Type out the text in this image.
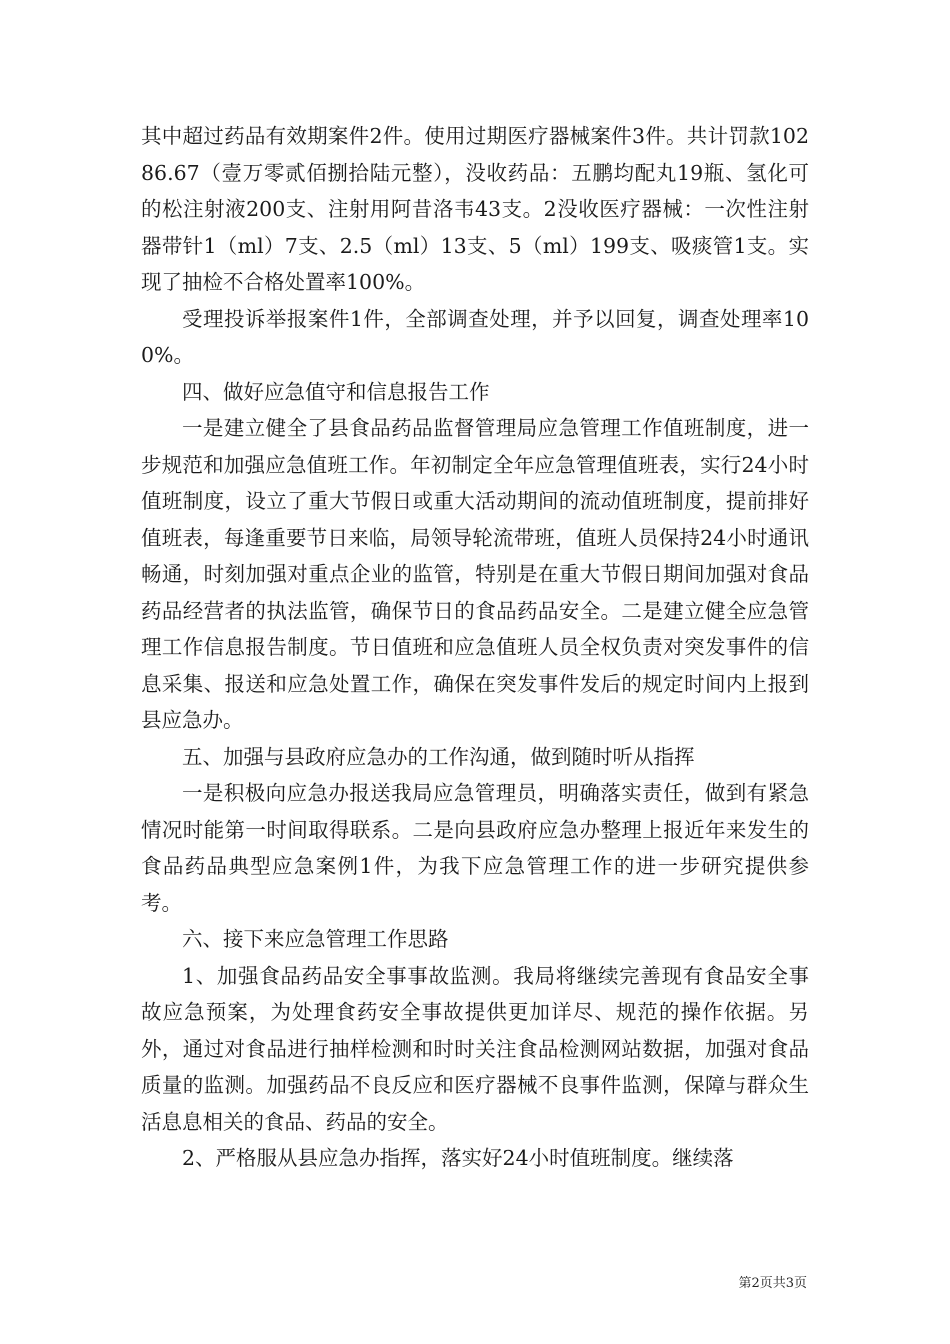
其中超过药品有效期案件2件。使用过期医疗器械案件3件。共计罚款10286.67（壹万零贰佰捌拾陆元整），没收药品：五鹏均配丸19瓶、氢化可的松注射液200支、注射用阿昔洛韦43支。2没收医疗器械：一次性注射器带针1（ml）7支、2.5（ml）13支、5（ml）199支、吸痰管1支。实现了抽检不合格处置率100%。

受理投诉举报案件1件，全部调查处理，并予以回复，调查处理率100%。

四、做好应急值守和信息报告工作

一是建立健全了县食品药品监督管理局应急管理工作值班制度，进一步规范和加强应急值班工作。年初制定全年应急管理值班表，实行24小时值班制度，设立了重大节假日或重大活动期间的流动值班制度，提前排好值班表，每逢重要节日来临，局领导轮流带班，值班人员保持24小时通讯畅通，时刻加强对重点企业的监管，特别是在重大节假日期间加强对食品药品经营者的执法监管，确保节日的食品药品安全。二是建立健全应急管理工作信息报告制度。节日值班和应急值班人员全权负责对突发事件的信息采集、报送和应急处置工作，确保在突发事件发后的规定时间内上报到县应急办。

五、加强与县政府应急办的工作沟通，做到随时听从指挥

一是积极向应急办报送我局应急管理员，明确落实责任，做到有紧急情况时能第一时间取得联系。二是向县政府应急办整理上报近年来发生的食品药品典型应急案例1件，为我下应急管理工作的进一步研究提供参考。

六、接下来应急管理工作思路

1、加强食品药品安全事事故监测。我局将继续完善现有食品安全事故应急预案，为处理食药安全事故提供更加详尽、规范的操作依据。另外，通过对食品进行抽样检测和时时关注食品检测网站数据，加强对食品质量的监测。加强药品不良反应和医疗器械不良事件监测，保障与群众生活息息相关的食品、药品的安全。

2、严格服从县应急办指挥，落实好24小时值班制度。继续落

第2页共3页
